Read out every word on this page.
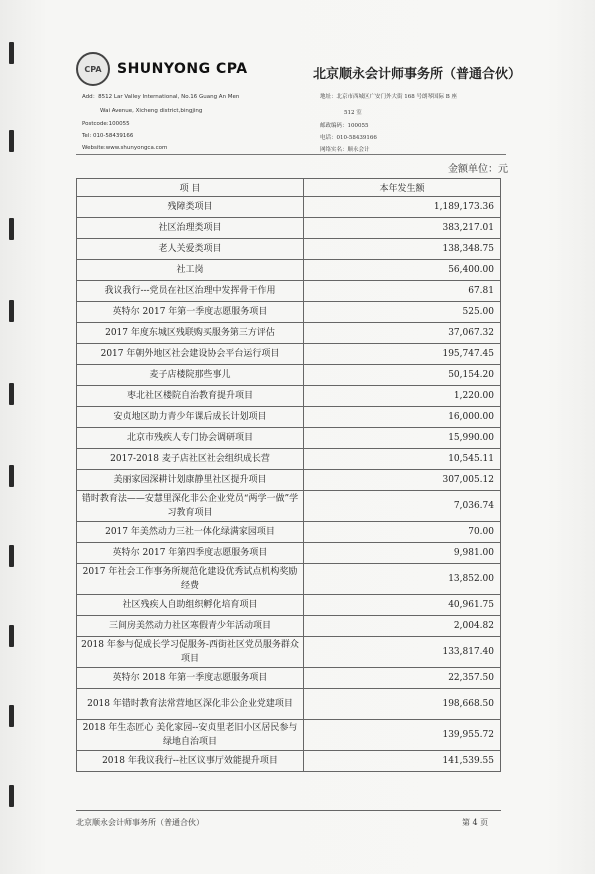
CPA SHUNYONG CPA	北京顺永会计师事务所（普通合伙）
Add：8512 Lar Valley International, No.16 Guang An Men
Wai Avenue, Xicheng district,bingjing
Postcode:100055
Tel: 010-58439166
Website:www.shunyongca.com
地址：北京市西城区广安门外大街 168 号朗琴国际 B 座
512 室
邮政编码：100055
电话：010-58439166
网络实名：顺永会计
金额单位：元
项 目	本年发生额
残障类项目	1,189,173.36
社区治理类项目	383,217.01
老人关爱类项目	138,348.75
社工岗	56,400.00
我议我行---党员在社区治理中发挥骨干作用	67.81
英特尔 2017 年第一季度志愿服务项目	525.00
2017 年度东城区残联购买服务第三方评估	37,067.32
2017 年朝外地区社会建设协会平台运行项目	195,747.45
麦子店楼院那些事儿	50,154.20
枣北社区楼院自治教育提升项目	1,220.00
安贞地区助力青少年课后成长计划项目	16,000.00
北京市残疾人专门协会调研项目	15,990.00
2017-2018 麦子店社区社会组织成长营	10,545.11
美丽家园深耕计划康静里社区提升项目	307,005.12
错时教育法——安慧里深化非公企业党员“两学一做”学习教育项目	7,036.74
2017 年美然动力三社一体化绿满家园项目	70.00
英特尔 2017 年第四季度志愿服务项目	9,981.00
2017 年社会工作事务所规范化建设优秀试点机构奖励经费	13,852.00
社区残疾人自助组织孵化培育项目	40,961.75
三间房美然动力社区寒假青少年活动项目	2,004.82
2018 年参与促成长学习促服务-西街社区党员服务群众项目	133,817.40
英特尔 2018 年第一季度志愿服务项目	22,357.50
2018 年错时教育法常营地区深化非公企业党建项目	198,668.50
2018 年生态匠心 美化家园--安贞里老旧小区居民参与绿地自治项目	139,955.72
2018 年我议我行--社区议事厅效能提升项目	141,539.55
北京顺永会计师事务所（普通合伙）	第 4 页
